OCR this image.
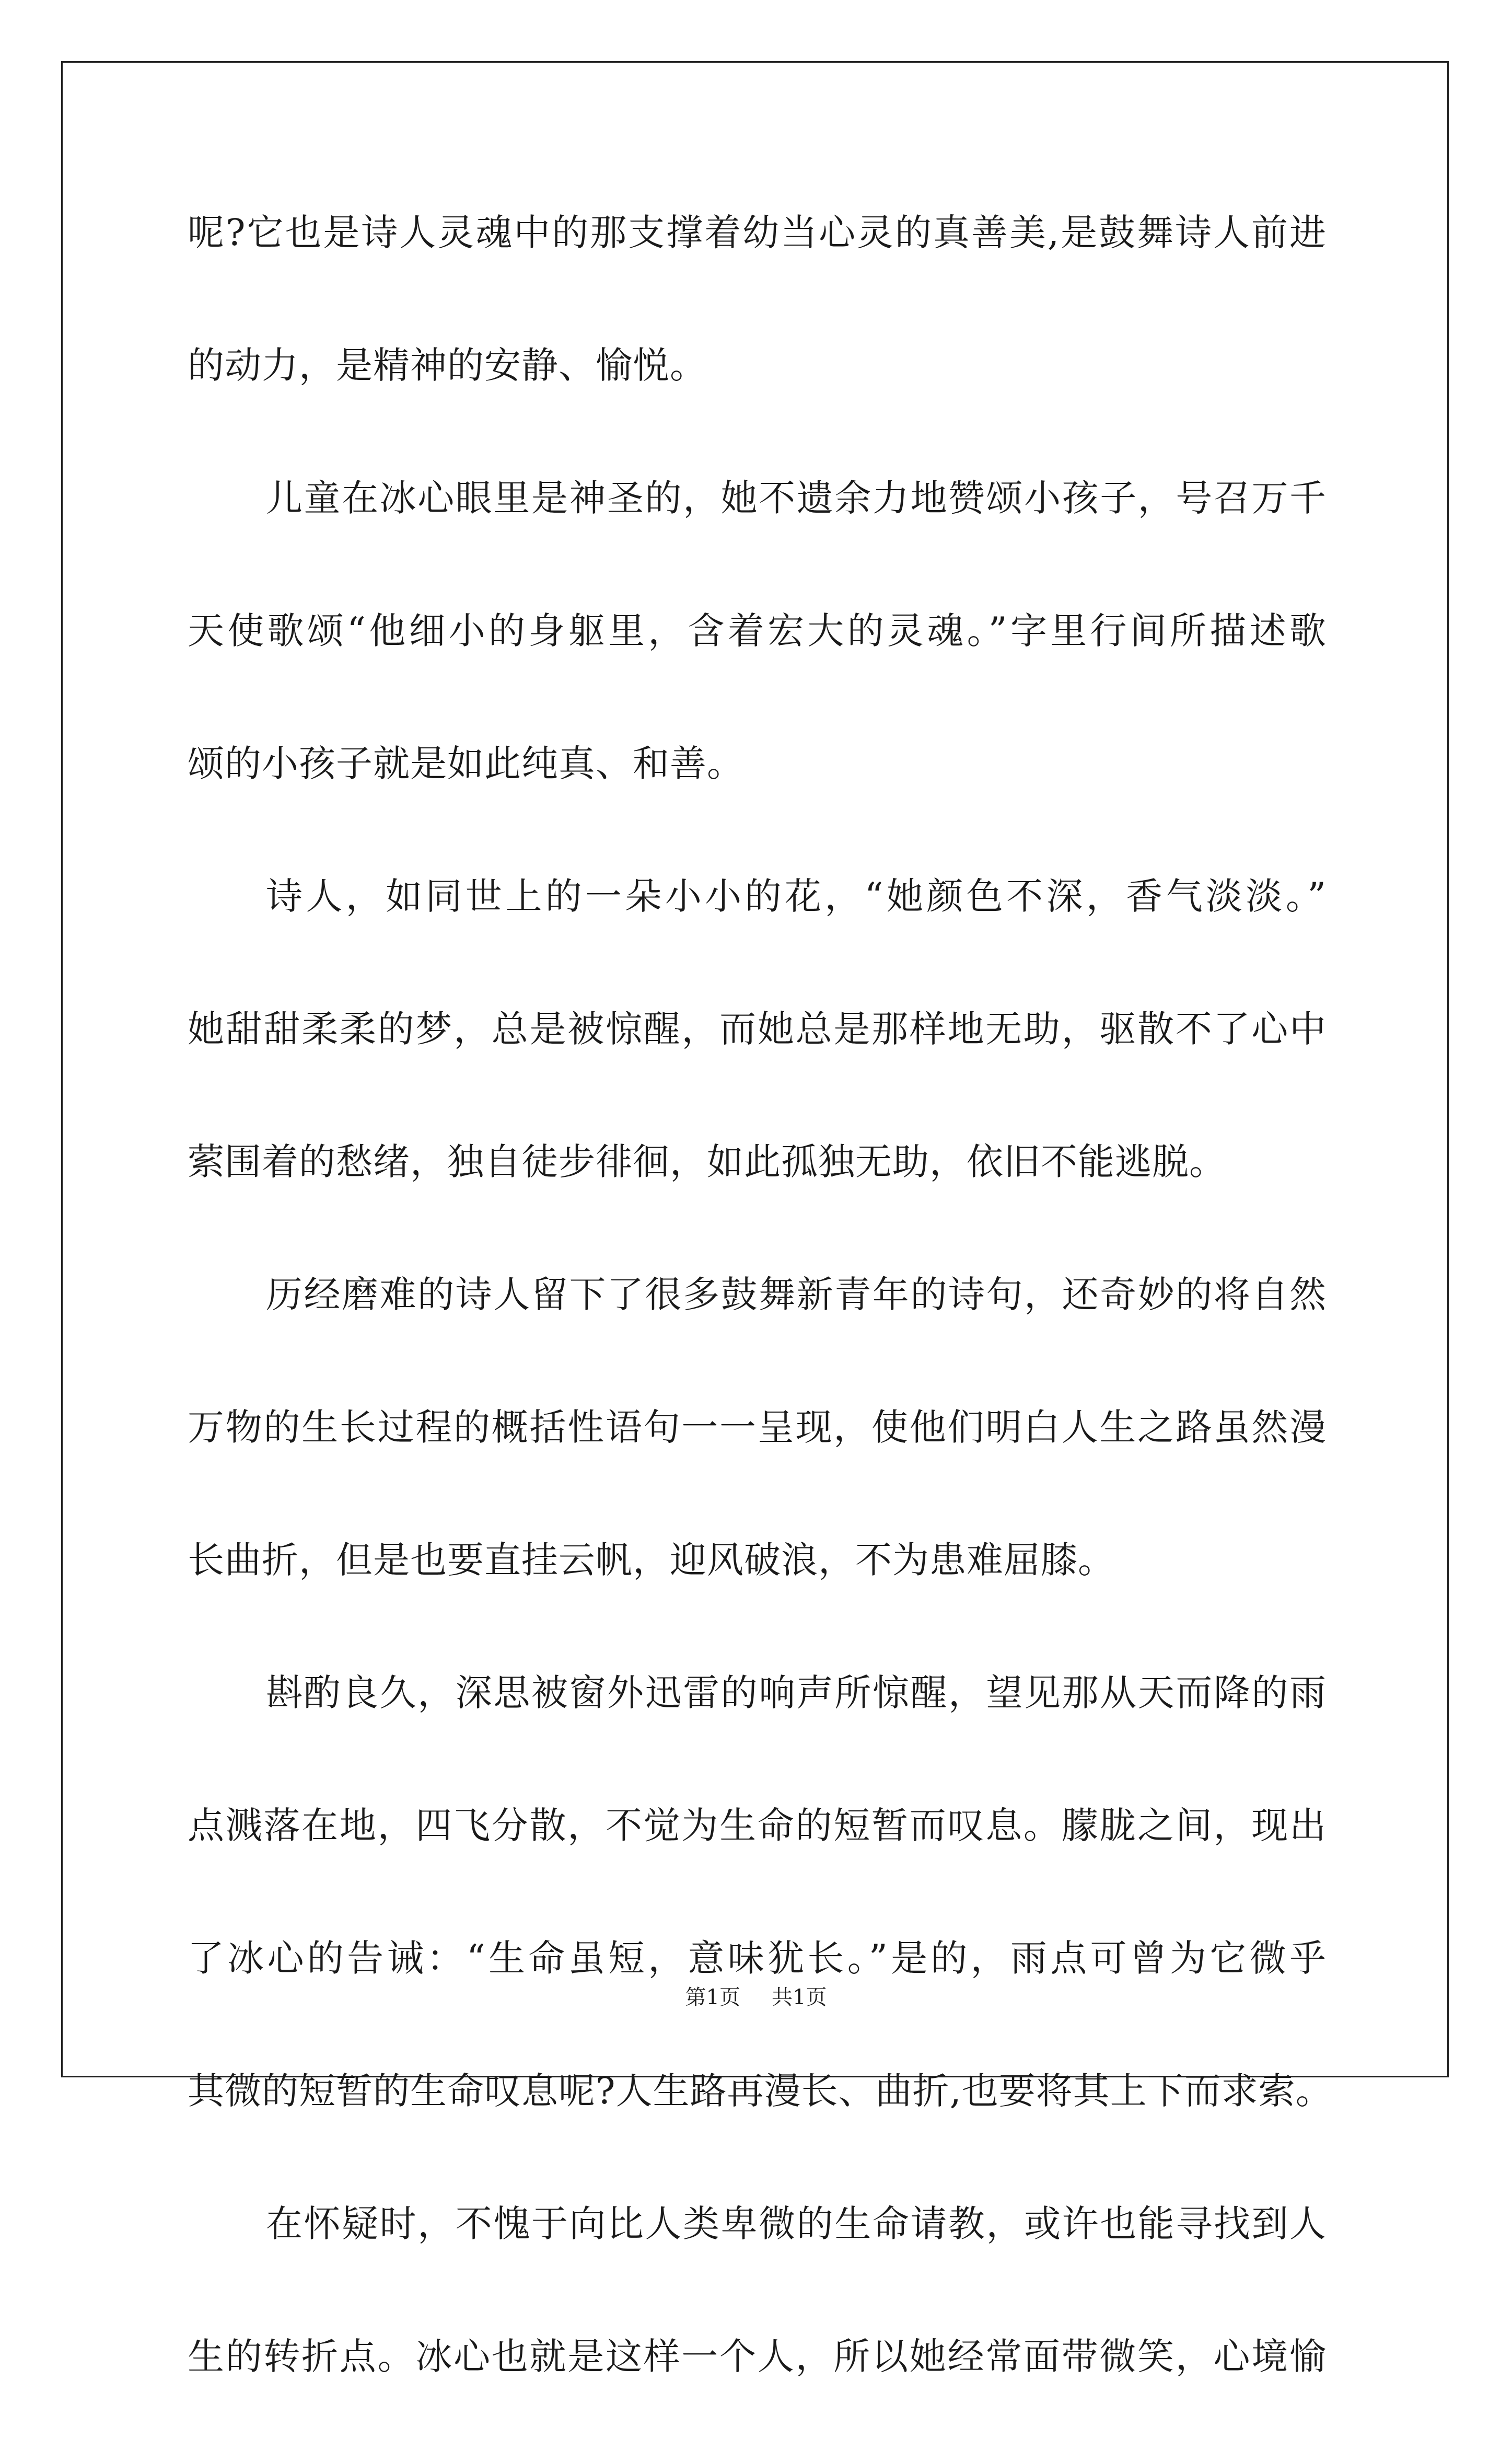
呢?它也是诗人灵魂中的那支撑着幼当心灵的真善美,是鼓舞诗人前进
的动力，是精神的安静、愉悦。
儿童在冰心眼里是神圣的，她不遗余力地赞颂小孩子，号召万千
天使歌颂“他细小的身躯里，含着宏大的灵魂。”字里行间所描述歌
颂的小孩子就是如此纯真、和善。
诗人，如同世上的一朵小小的花，“她颜色不深，香气淡淡。”
她甜甜柔柔的梦，总是被惊醒，而她总是那样地无助，驱散不了心中
萦围着的愁绪，独自徒步徘徊，如此孤独无助，依旧不能逃脱。
历经磨难的诗人留下了很多鼓舞新青年的诗句，还奇妙的将自然
万物的生长过程的概括性语句一一呈现，使他们明白人生之路虽然漫
长曲折，但是也要直挂云帆，迎风破浪，不为患难屈膝。
斟酌良久，深思被窗外迅雷的响声所惊醒，望见那从天而降的雨
点溅落在地，四飞分散，不觉为生命的短暂而叹息。朦胧之间，现出
了冰心的告诫：“生命虽短，意味犹长。”是的，雨点可曾为它微乎
其微的短暂的生命叹息呢?人生路再漫长、曲折,也要将其上下而求索。
在怀疑时，不愧于向比人类卑微的生命请教，或许也能寻找到人
生的转折点。冰心也就是这样一个人，所以她经常面带微笑，心境愉
第1页 共1页
